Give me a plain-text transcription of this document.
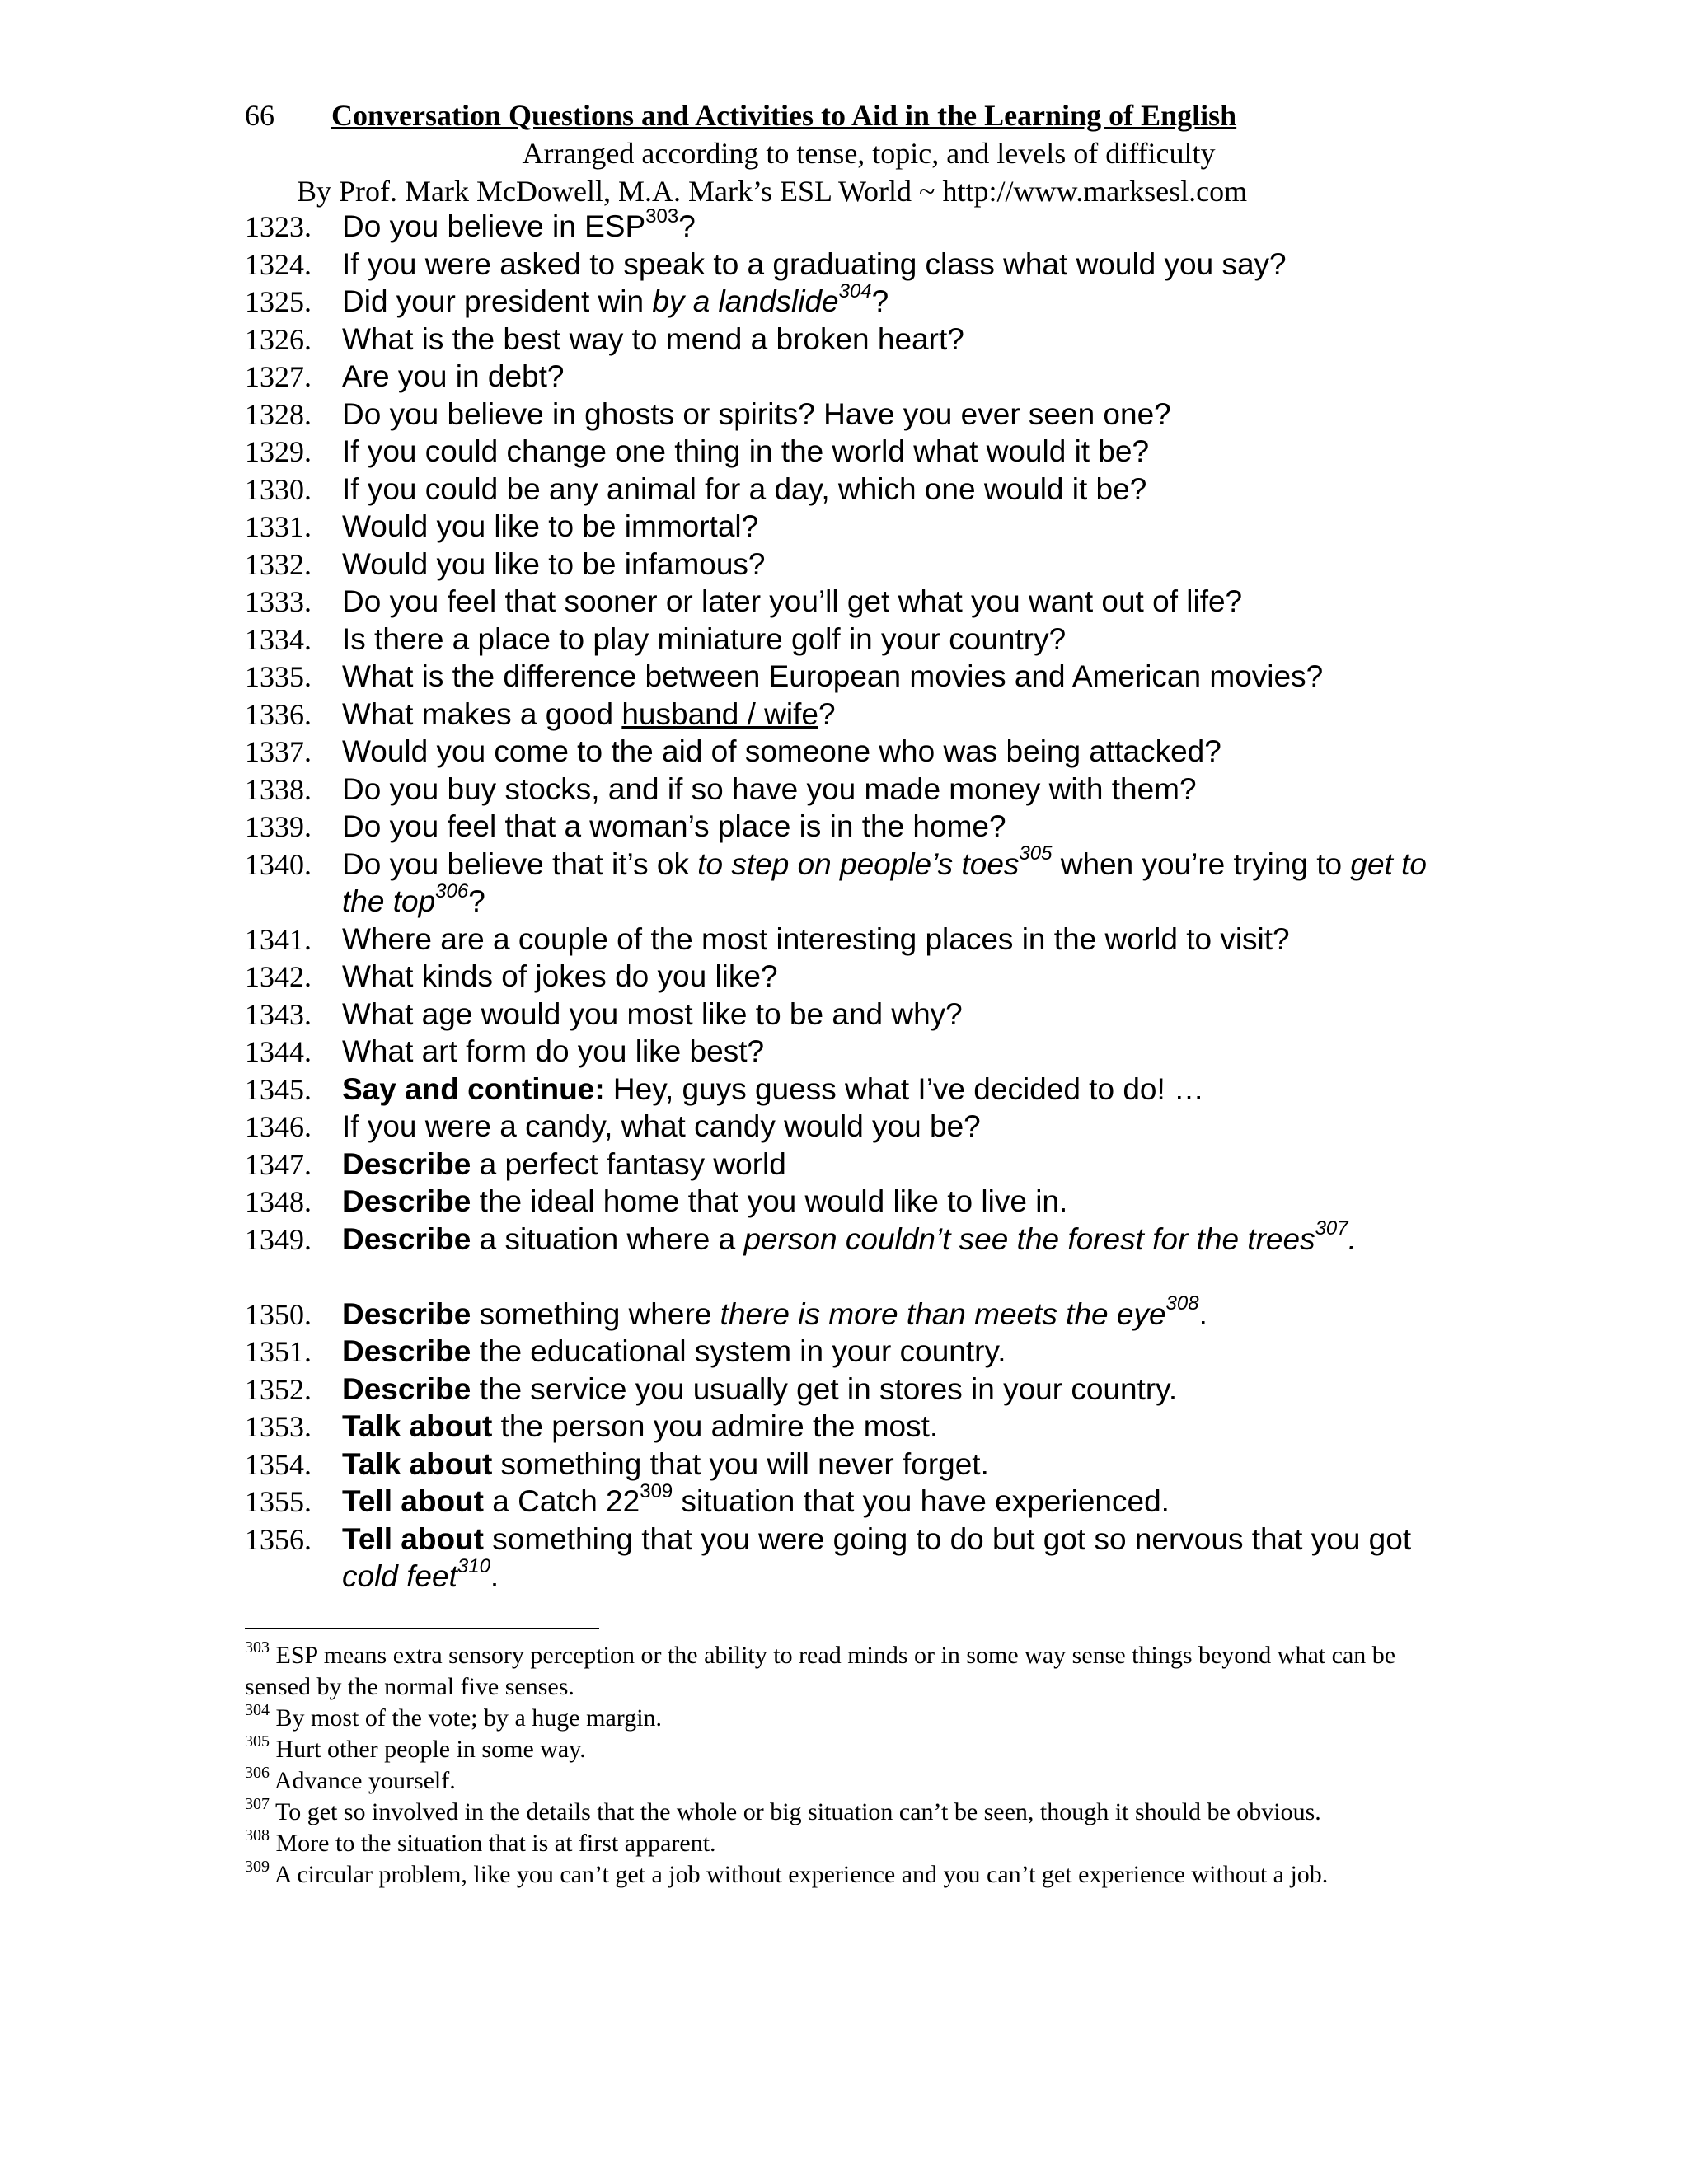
66 Conversation Questions and Activities to Aid in the Learning of English
Arranged according to tense, topic, and levels of difficulty
By Prof. Mark McDowell, M.A. Mark’s ESL World ~ http://www.marksesl.com
1323. Do you believe in ESP$^{303}$?
1324. If you were asked to speak to a graduating class what would you say?
1325. Did your president win by a landslide$^{304}$?
1326. What is the best way to mend a broken heart?
1327. Are you in debt?
1328. Do you believe in ghosts or spirits? Have you ever seen one?
1329. If you could change one thing in the world what would it be?
1330. If you could be any animal for a day, which one would it be?
1331. Would you like to be immortal?
1332. Would you like to be infamous?
1333. Do you feel that sooner or later you’ll get what you want out of life?
1334. Is there a place to play miniature golf in your country?
1335. What is the difference between European movies and American movies?
1336. What makes a good husband / wife?
1337. Would you come to the aid of someone who was being attacked?
1338. Do you buy stocks, and if so have you made money with them?
1339. Do you feel that a woman’s place is in the home?
1340. Do you believe that it’s ok to step on people’s toes$^{305}$ when you’re trying to get to the top$^{306}$?
1341. Where are a couple of the most interesting places in the world to visit?
1342. What kinds of jokes do you like?
1343. What age would you most like to be and why?
1344. What art form do you like best?
1345. Say and continue: Hey, guys guess what I’ve decided to do! …
1346. If you were a candy, what candy would you be?
1347. Describe a perfect fantasy world
1348. Describe the ideal home that you would like to live in.
1349. Describe a situation where a person couldn’t see the forest for the trees$^{307}$.
1350. Describe something where there is more than meets the eye$^{308}$.
1351. Describe the educational system in your country.
1352. Describe the service you usually get in stores in your country.
1353. Talk about the person you admire the most.
1354. Talk about something that you will never forget.
1355. Tell about a Catch $22^{309}$ situation that you have experienced.
1356. Tell about something that you were going to do but got so nervous that you got cold feet$^{310}$.
$^{303}$ ESP means extra sensory perception or the ability to read minds or in some way sense things beyond what can be sensed by the normal five senses.
$^{304}$ By most of the vote; by a huge margin.
$^{305}$ Hurt other people in some way.
$^{306}$ Advance yourself.
$^{307}$ To get so involved in the details that the whole or big situation can’t be seen, though it should be obvious.
$^{308}$ More to the situation that is at first apparent.
$^{309}$ A circular problem, like you can’t get a job without experience and you can’t get experience without a job.
